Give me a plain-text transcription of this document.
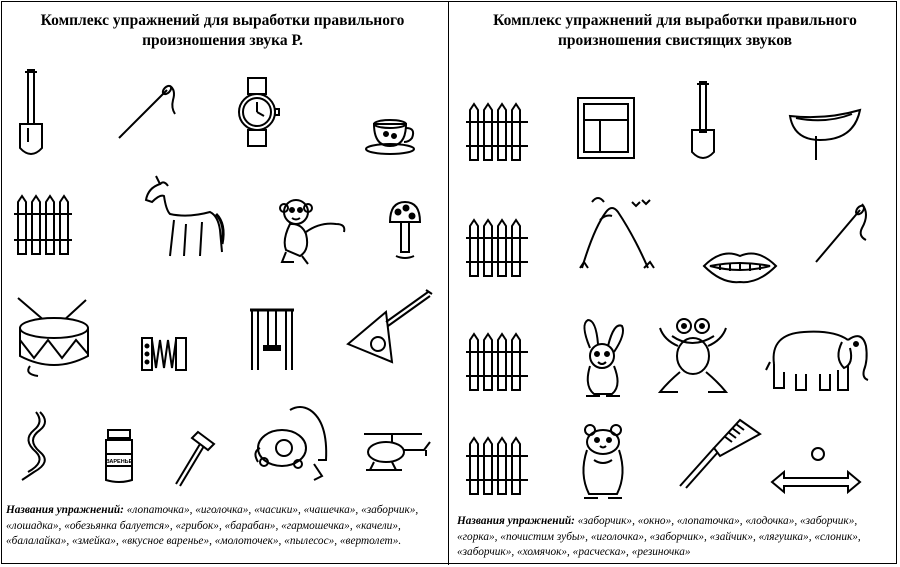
Комплекс упражнений для выработки правильного
произношения звука Р.
Комплекс упражнений для выработки правильного
произношения свистящих звуков
ВАРЕНЬЕ
Названия упражнений: «лопаточка», «иголочка», «часики», «чашечка», «заборчик», «лошадка», «обезьянка балуется», «грибок», «барабан», «гармошечка», «качели», «балалайка», «змейка», «вкусное варенье», «молоточек», «пылесос», «вертолет».
Названия упражнений: «заборчик», «окно», «лопаточка», «лодочка», «заборчик», «горка», «почистим зубы», «иголочка», «заборчик», «зайчик», «лягушка», «слоник», «заборчик», «хомячок», «расческа», «резиночка»
